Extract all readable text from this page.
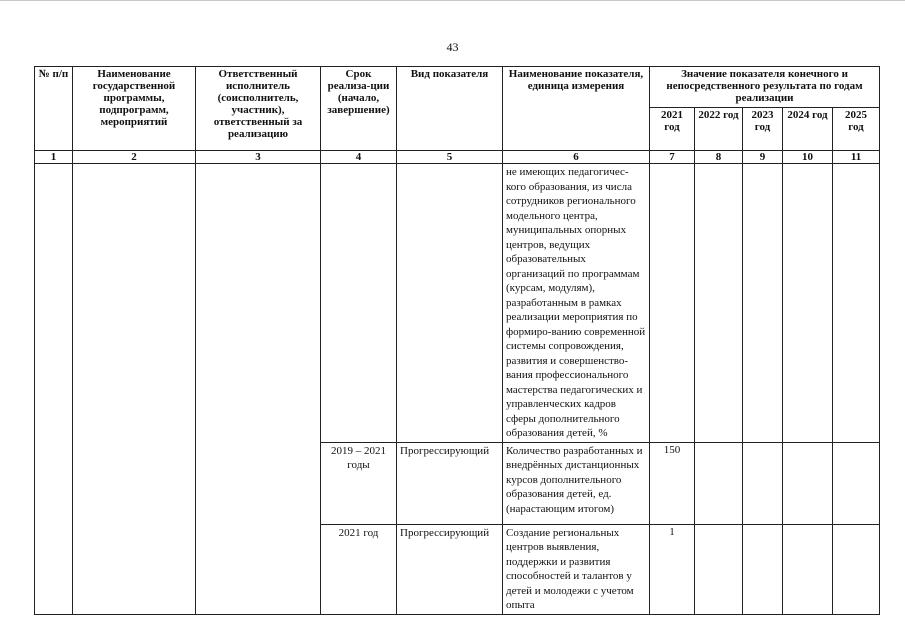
43
№ п/п	Наименование государственной программы, подпрограмм, мероприятий	Ответственный исполнитель (соисполнитель, участник), ответственный за реализацию	Срок реализа-ции (начало, завершение)	Вид показателя	Наименование показателя, единица измерения	Значение показателя конечного и непосредственного результата по годам реализации				
						2021 год	2022 год	2023 год	2024 год	2025 год
1	2	3	4	5	6	7	8	9	10	11
					не имеющих педагогичес-кого образования, из числа сотрудников регионального модельного центра, муниципальных опорных центров, ведущих образовательных организаций по программам (курсам, модулям), разработанным в рамках реализации мероприятия по формиро-ванию современной системы сопровождения, развития и совершенство-вания профессионального мастерства педагогических и управленческих кадров сферы дополнительного образования детей, %					
			2019 – 2021 годы	Прогрессирующий	Количество разработанных и внедрённых дистанционных курсов дополнительного образования детей, ед. (нарастающим итогом)	150				
			2021 год	Прогрессирующий	Создание региональных центров выявления, поддержки и развития способностей и талантов у детей и молодежи с учетом опыта	1				
